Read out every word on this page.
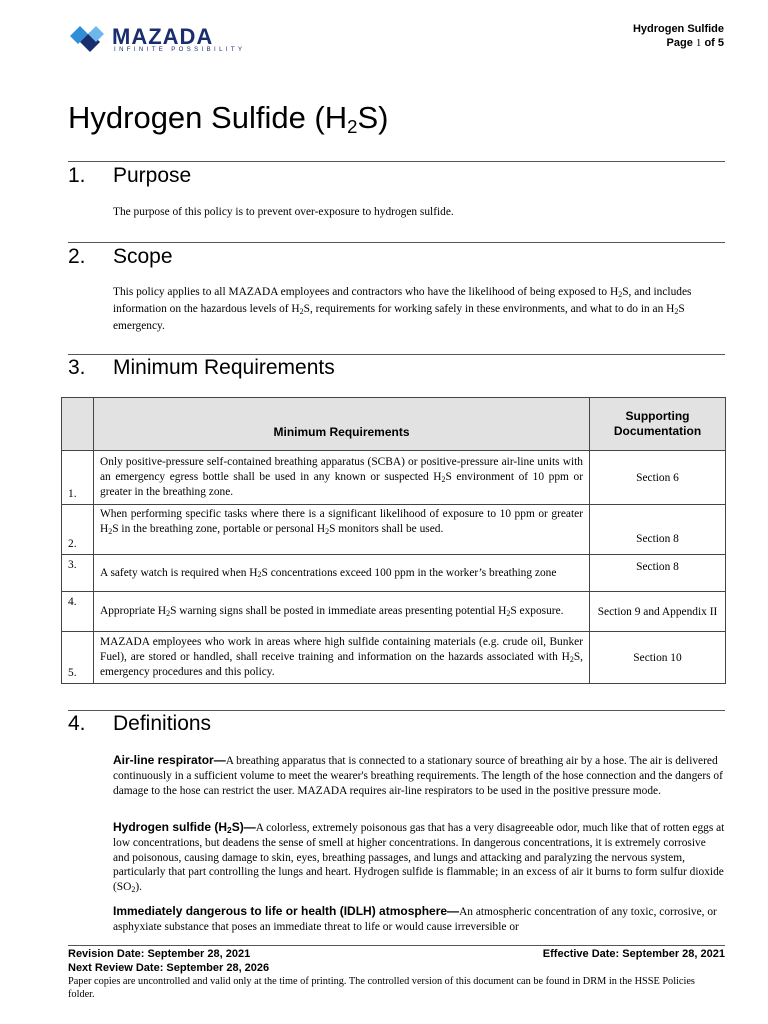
MAZADA
INFINITE POSSIBILITY
Hydrogen Sulfide
Page 1 of 5
Hydrogen Sulfide $(H_2S)$
1. Purpose
The purpose of this policy is to prevent over-exposure to hydrogen sulfide.
2. Scope
This policy applies to all MAZADA employees and contractors who have the likelihood of being exposed to $H_2S$, and includes information on the hazardous levels of $H_2S$, requirements for working safely in these environments, and what to do in an $H_2S$ emergency.
3. Minimum Requirements
	Minimum Requirements	Supporting Documentation
1.	Only positive-pressure self-contained breathing apparatus (SCBA) or positive-pressure air-line units with an emergency egress bottle shall be used in any known or suspected $H_2S$ environment of 10 ppm or greater in the breathing zone.	Section 6
2.	When performing specific tasks where there is a significant likelihood of exposure to 10 ppm or greater $H_2S$ in the breathing zone, portable or personal $H_2S$ monitors shall be used.	Section 8
3.	A safety watch is required when $H_2S$ concentrations exceed 100 ppm in the worker’s breathing zone	Section 8
4.	Appropriate $H_2S$ warning signs shall be posted in immediate areas presenting potential $H_2S$ exposure.	Section 9 and Appendix II
5.	MAZADA employees who work in areas where high sulfide containing materials (e.g. crude oil, Bunker Fuel), are stored or handled, shall receive training and information on the hazards associated with $H_2S$, emergency procedures and this policy.	Section 10
4. Definitions
Air-line respirator—A breathing apparatus that is connected to a stationary source of breathing air by a hose. The air is delivered continuously in a sufficient volume to meet the wearer's breathing requirements. The length of the hose connection and the dangers of damage to the hose can restrict the user. MAZADA requires air-line respirators to be used in the positive pressure mode.
Hydrogen sulfide $(H_2S)—A$ colorless, extremely poisonous gas that has a very disagreeable odor, much like that of rotten eggs at low concentrations, but deadens the sense of smell at higher concentrations. In dangerous concentrations, it is extremely corrosive and poisonous, causing damage to skin, eyes, breathing passages, and lungs and attacking and paralyzing the nervous system, particularly that part controlling the lungs and heart. Hydrogen sulfide is flammable; in an excess of air it burns to form sulfur dioxide $(SO_2)$.
Immediately dangerous to life or health (IDLH) atmosphere—An atmospheric concentration of any toxic, corrosive, or asphyxiate substance that poses an immediate threat to life or would cause irreversible or
Revision Date: September 28, 2021	Effective Date: September 28, 2021
Next Review Date: September 28, 2026
Paper copies are uncontrolled and valid only at the time of printing. The controlled version of this document can be found in DRM in the HSSE Policies folder.
